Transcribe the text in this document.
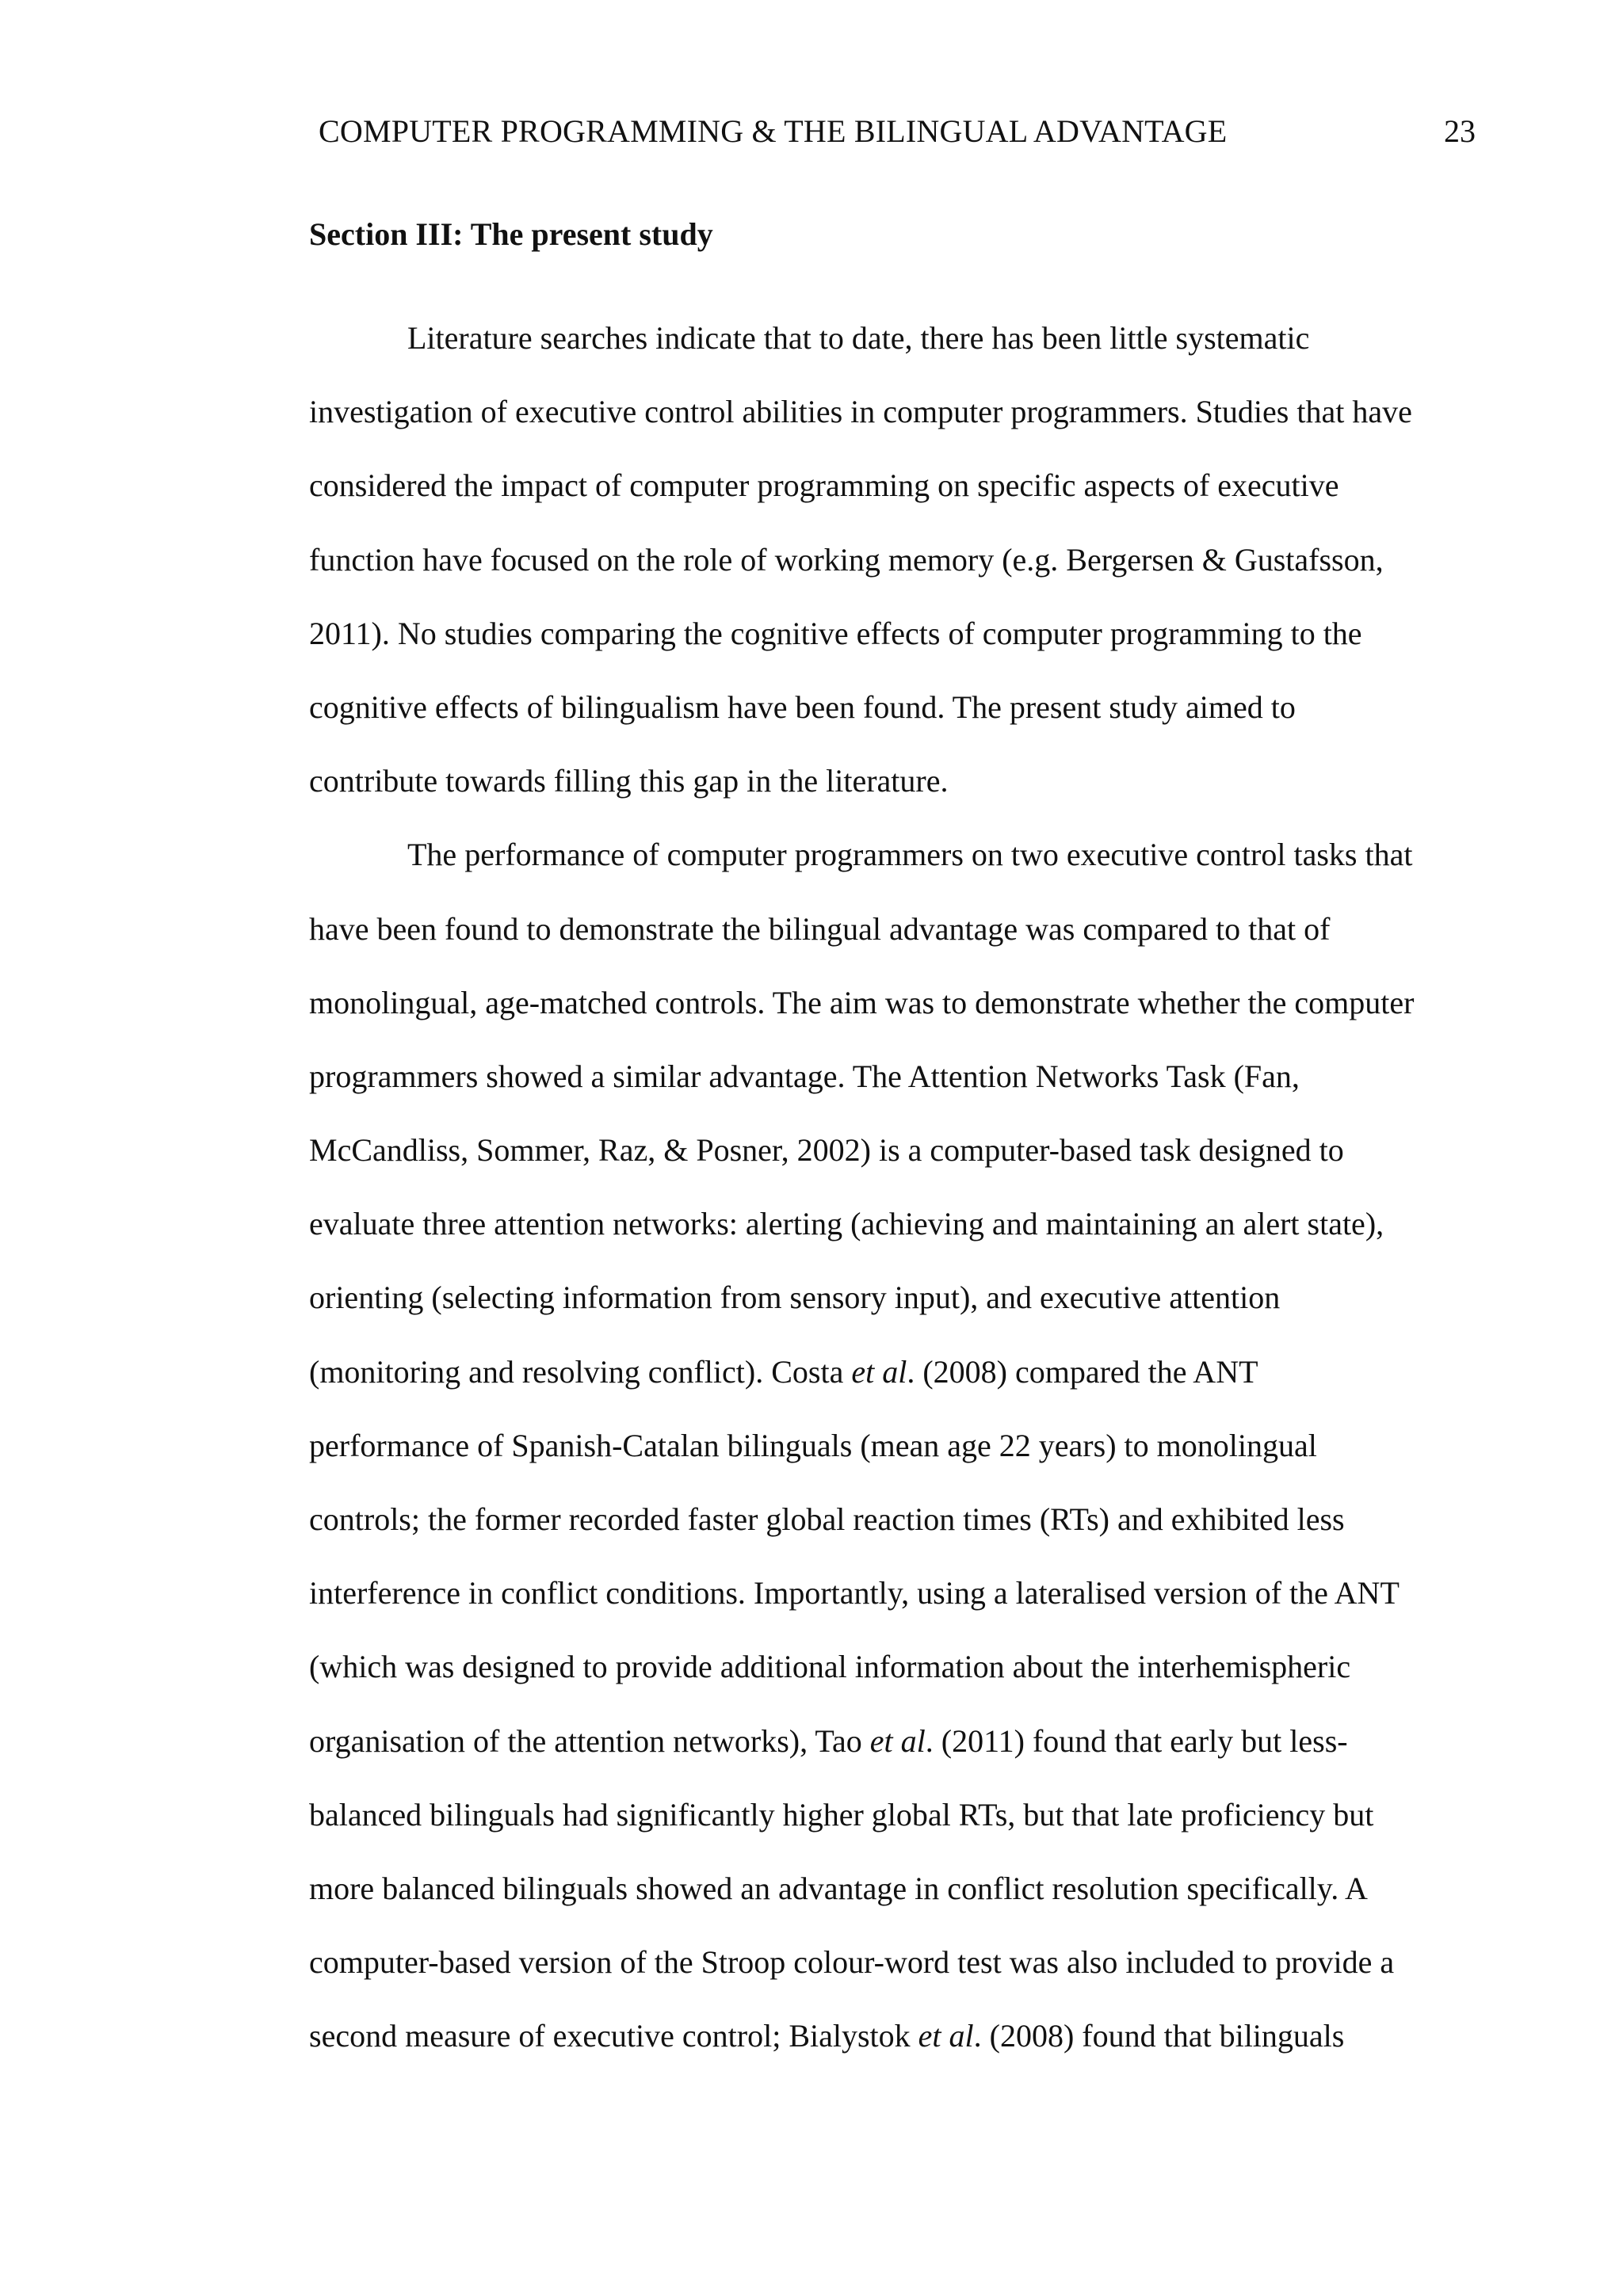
COMPUTER PROGRAMMING & THE BILINGUAL ADVANTAGE	23
Section III: The present study
Literature searches indicate that to date, there has been little systematic
investigation of executive control abilities in computer programmers. Studies that have
considered the impact of computer programming on specific aspects of executive
function have focused on the role of working memory (e.g. Bergersen & Gustafsson,
2011). No studies comparing the cognitive effects of computer programming to the
cognitive effects of bilingualism have been found. The present study aimed to
contribute towards filling this gap in the literature.
The performance of computer programmers on two executive control tasks that
have been found to demonstrate the bilingual advantage was compared to that of
monolingual, age-matched controls. The aim was to demonstrate whether the computer
programmers showed a similar advantage. The Attention Networks Task (Fan,
McCandliss, Sommer, Raz, & Posner, 2002) is a computer-based task designed to
evaluate three attention networks: alerting (achieving and maintaining an alert state),
orienting (selecting information from sensory input), and executive attention
(monitoring and resolving conflict). Costa et al. (2008) compared the ANT
performance of Spanish-Catalan bilinguals (mean age 22 years) to monolingual
controls; the former recorded faster global reaction times (RTs) and exhibited less
interference in conflict conditions. Importantly, using a lateralised version of the ANT
(which was designed to provide additional information about the interhemispheric
organisation of the attention networks), Tao et al. (2011) found that early but less-
balanced bilinguals had significantly higher global RTs, but that late proficiency but
more balanced bilinguals showed an advantage in conflict resolution specifically. A
computer-based version of the Stroop colour-word test was also included to provide a
second measure of executive control; Bialystok et al. (2008) found that bilinguals
